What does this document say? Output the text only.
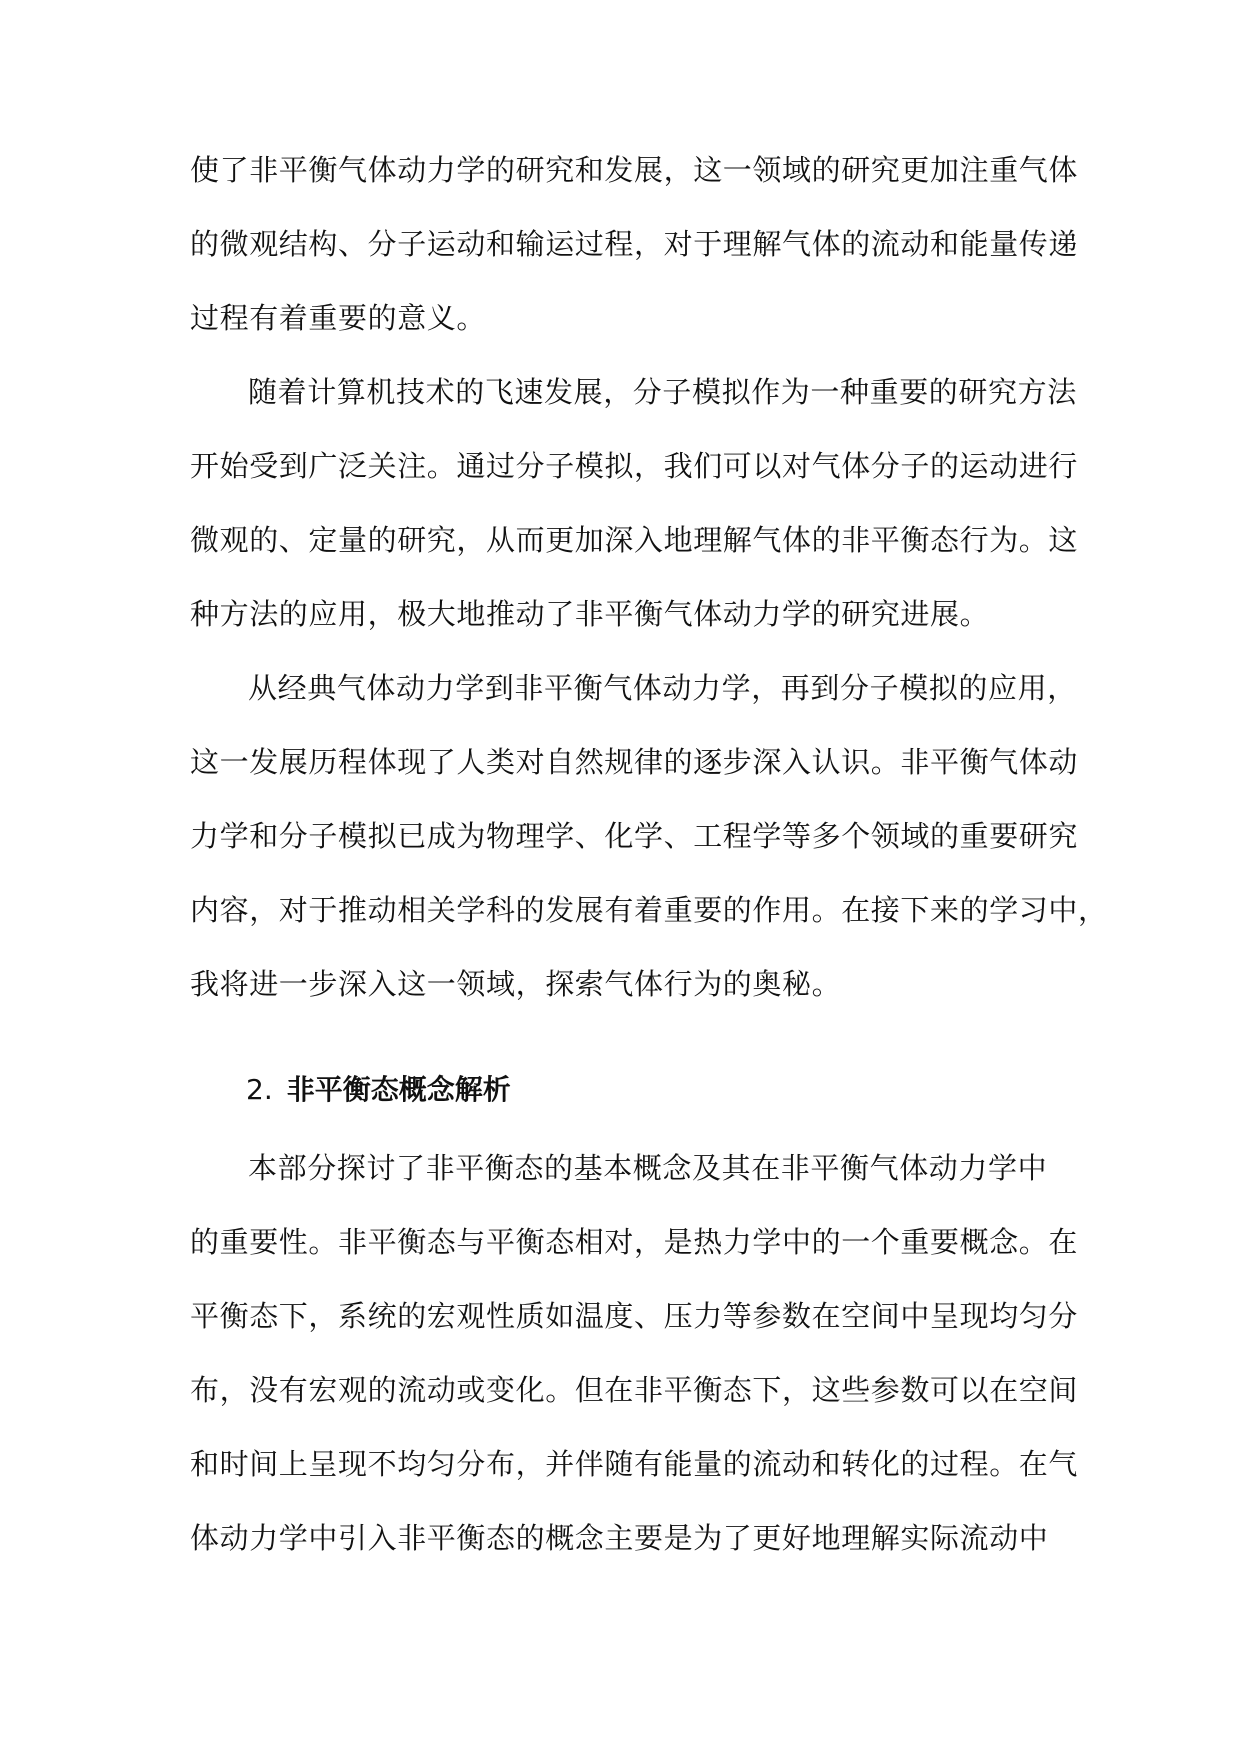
使了非平衡气体动力学的研究和发展，这一领域的研究更加注重气体
的微观结构、分子运动和输运过程，对于理解气体的流动和能量传递
过程有着重要的意义。
随着计算机技术的飞速发展，分子模拟作为一种重要的研究方法
开始受到广泛关注。通过分子模拟，我们可以对气体分子的运动进行
微观的、定量的研究，从而更加深入地理解气体的非平衡态行为。这
种方法的应用，极大地推动了非平衡气体动力学的研究进展。
从经典气体动力学到非平衡气体动力学，再到分子模拟的应用，
这一发展历程体现了人类对自然规律的逐步深入认识。非平衡气体动
力学和分子模拟已成为物理学、化学、工程学等多个领域的重要研究
内容，对于推动相关学科的发展有着重要的作用。在接下来的学习中，
我将进一步深入这一领域，探索气体行为的奥秘。
2. 非平衡态概念解析
本部分探讨了非平衡态的基本概念及其在非平衡气体动力学中
的重要性。非平衡态与平衡态相对，是热力学中的一个重要概念。在
平衡态下，系统的宏观性质如温度、压力等参数在空间中呈现均匀分
布，没有宏观的流动或变化。但在非平衡态下，这些参数可以在空间
和时间上呈现不均匀分布，并伴随有能量的流动和转化的过程。在气
体动力学中引入非平衡态的概念主要是为了更好地理解实际流动中
